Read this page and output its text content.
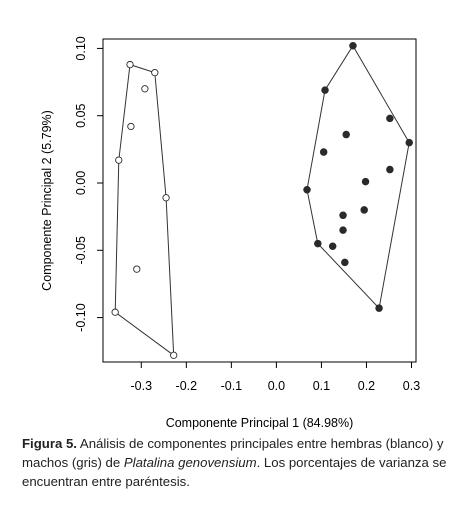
-0.3 -0.2 -0.1 0.0 0.1 0.2 0.3
-0.10
-0.05
0.00
0.05
0.10
Componente Principal 1 (84.98%)
Componente Principal 2 (5.79%)
Figura 5. Análisis de componentes principales entre hembras (blanco) y machos (gris) de Platalina genovensium. Los porcentajes de varianza se encuentran entre paréntesis.
